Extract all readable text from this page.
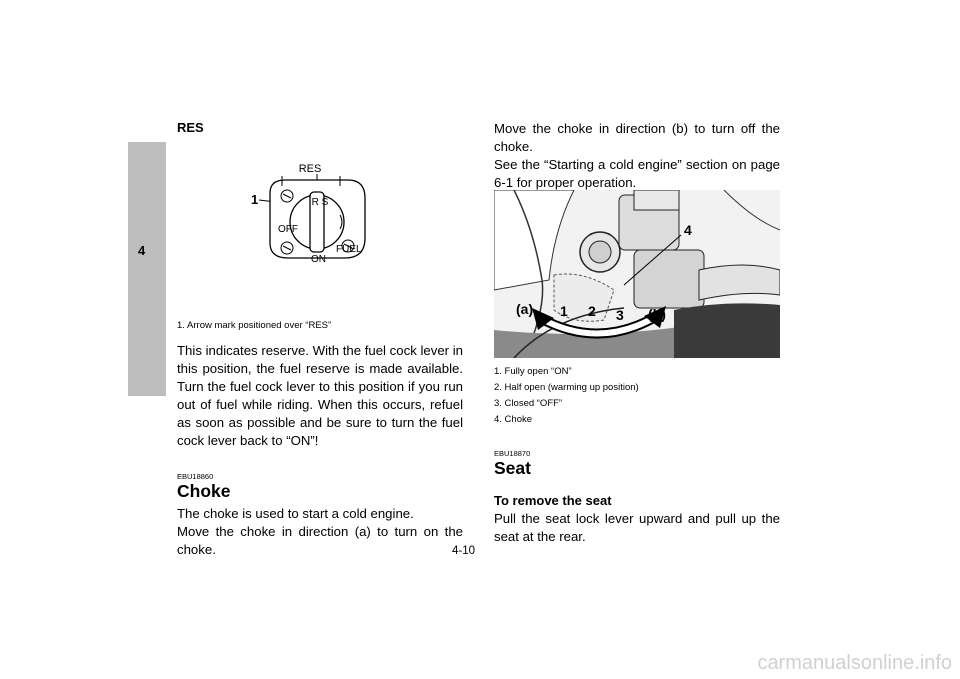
4
RES
RES
1	R S
OFF
FUEL
ON
1. Arrow mark positioned over “RES”

This indicates reserve. With the fuel cock lever in this position, the fuel reserve is made available. Turn the fuel cock lever to this position if you run out of fuel while riding. When this occurs, refuel as soon as possible and be sure to turn the fuel cock lever back to “ON”!

EBU18860
Choke

The choke is used to start a cold engine.

Move the choke in direction (a) to turn on the choke.

Move the choke in direction (b) to turn off the choke.

See the “Starting a cold engine” section on page 6-1 for proper operation.

(a)	(b)
1 2 3
4
1. Fully open “ON”
2. Half open (warming up position)
3. Closed “OFF”
4. Choke
EBU18870
Seat
To remove the seat

Pull the seat lock lever upward and pull up the seat at the rear.

4-10
carmanualsonline.info
